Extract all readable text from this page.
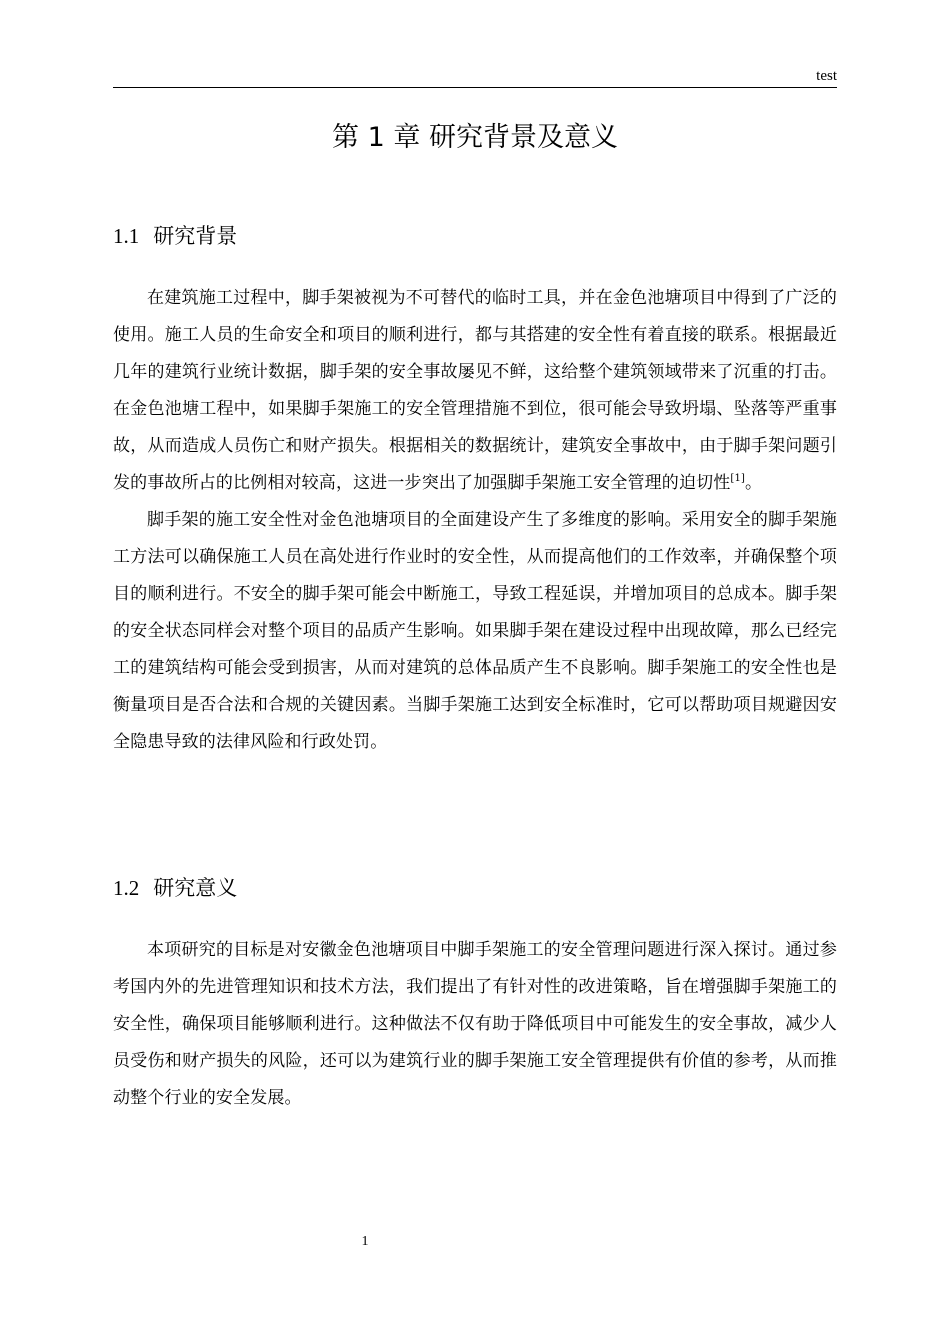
test
第 1 章 研究背景及意义
1.1 研究背景

在建筑施工过程中，脚手架被视为不可替代的临时工具，并在金色池塘项目中得到了广泛的使用。施工人员的生命安全和项目的顺利进行，都与其搭建的安全性有着直接的联系。根据最近几年的建筑行业统计数据，脚手架的安全事故屡见不鲜，这给整个建筑领域带来了沉重的打击。在金色池塘工程中，如果脚手架施工的安全管理措施不到位，很可能会导致坍塌、坠落等严重事故，从而造成人员伤亡和财产损失。根据相关的数据统计，建筑安全事故中，由于脚手架问题引发的事故所占的比例相对较高，这进一步突出了加强脚手架施工安全管理的迫切性[1]。

脚手架的施工安全性对金色池塘项目的全面建设产生了多维度的影响。采用安全的脚手架施工方法可以确保施工人员在高处进行作业时的安全性，从而提高他们的工作效率，并确保整个项目的顺利进行。不安全的脚手架可能会中断施工，导致工程延误，并增加项目的总成本。脚手架的安全状态同样会对整个项目的品质产生影响。如果脚手架在建设过程中出现故障，那么已经完工的建筑结构可能会受到损害，从而对建筑的总体品质产生不良影响。脚手架施工的安全性也是衡量项目是否合法和合规的关键因素。当脚手架施工达到安全标准时，它可以帮助项目规避因安全隐患导致的法律风险和行政处罚。

1.2 研究意义

本项研究的目标是对安徽金色池塘项目中脚手架施工的安全管理问题进行深入探讨。通过参考国内外的先进管理知识和技术方法，我们提出了有针对性的改进策略，旨在增强脚手架施工的安全性，确保项目能够顺利进行。这种做法不仅有助于降低项目中可能发生的安全事故，减少人员受伤和财产损失的风险，还可以为建筑行业的脚手架施工安全管理提供有价值的参考，从而推动整个行业的安全发展。

1
